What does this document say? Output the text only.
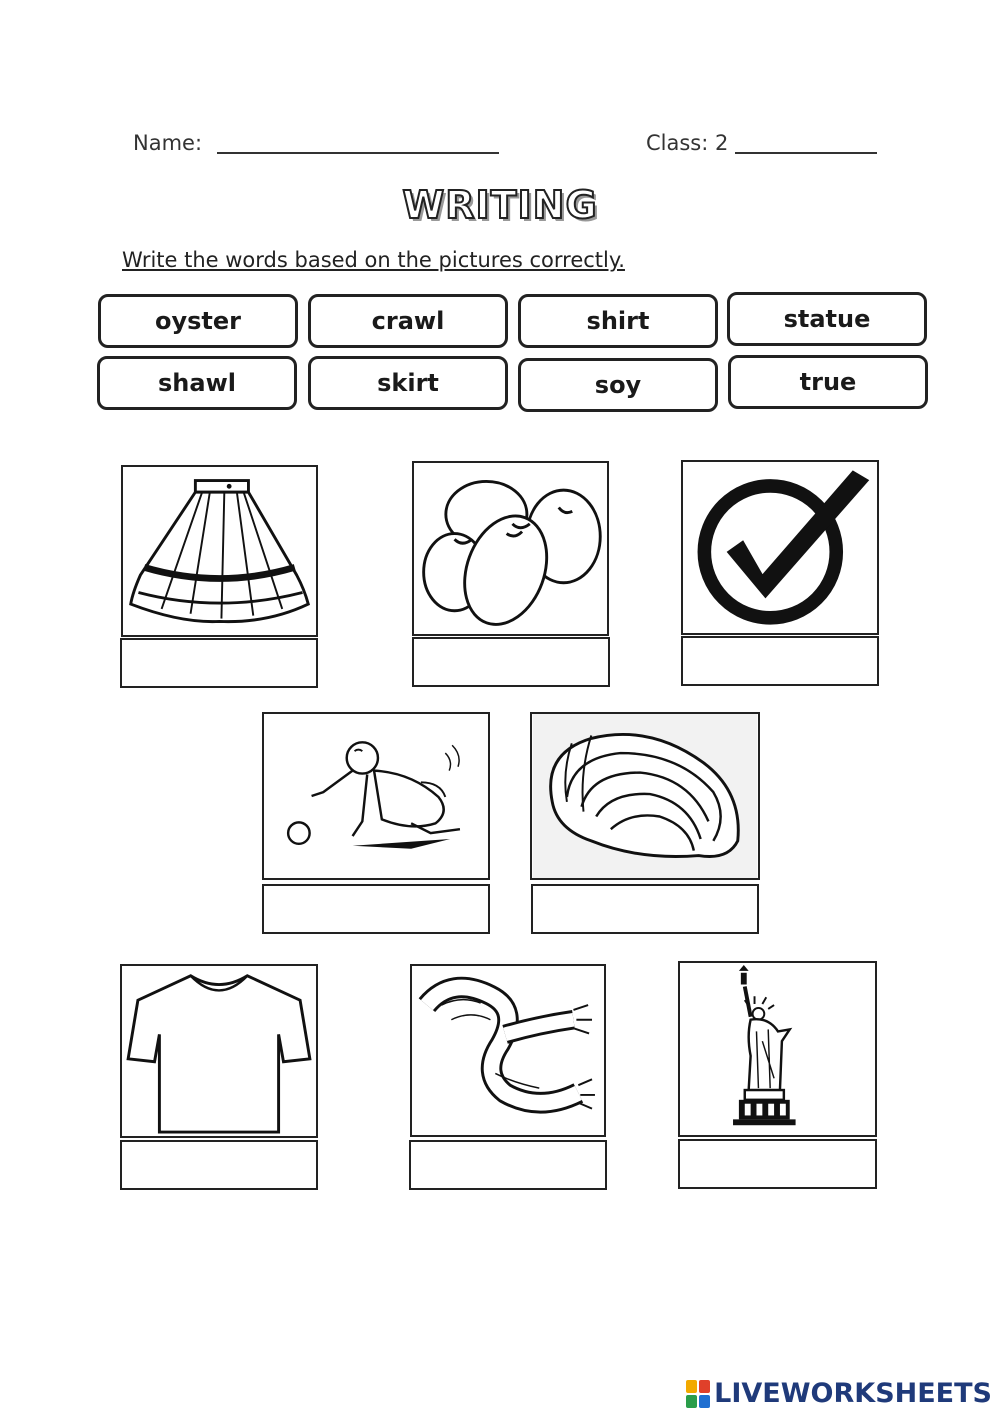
Name:	Class: 2
WRITING
Write the words based on the pictures correctly.
oyster	crawl	shirt	statue
shawl	skirt	soy	true
LIVEWORKSHEETS
